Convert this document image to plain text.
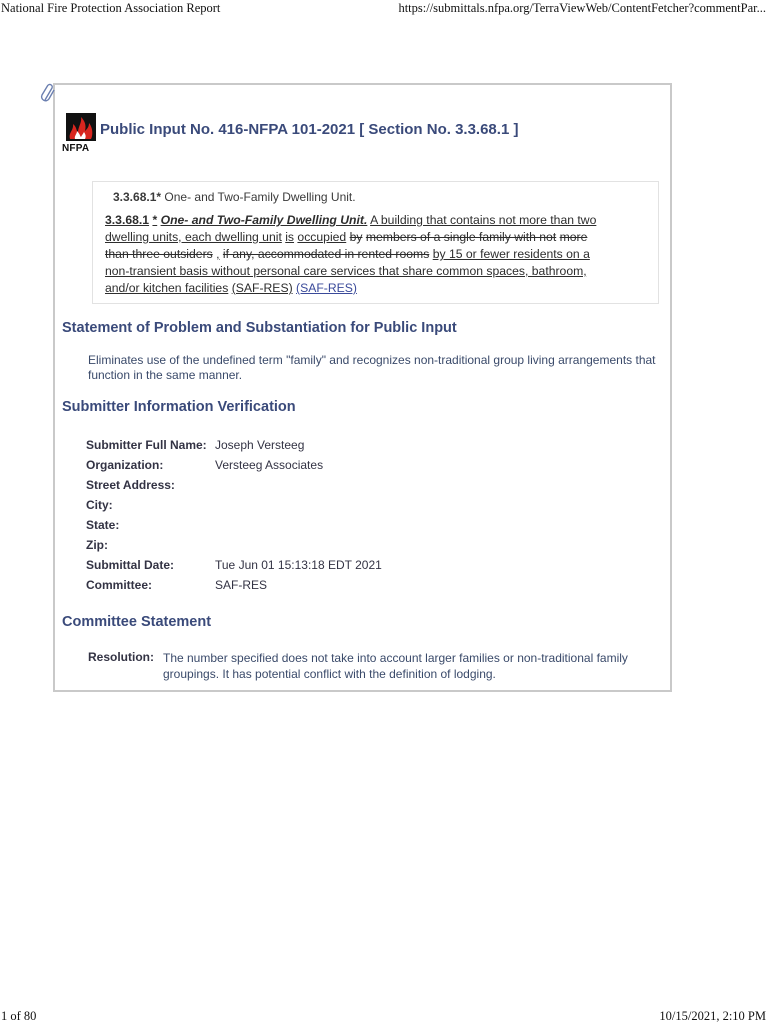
National Fire Protection Association Report	https://submittals.nfpa.org/TerraViewWeb/ContentFetcher?commentPar...
NFPA
Public Input No. 416-NFPA 101-2021 [ Section No. 3.3.68.1 ]
3.3.68.1* One- and Two-Family Dwelling Unit.
3.3.68.1 * One- and Two-Family Dwelling Unit. A building that contains not more than two
dwelling units, each dwelling unit is occupied by members of a single family with not more
than three outsiders , if any, accommodated in rented rooms by 15 or fewer residents on a
non-transient basis without personal care services that share common spaces, bathroom,
and/or kitchen facilities (SAF-RES) (SAF-RES)
Statement of Problem and Substantiation for Public Input
Eliminates use of the undefined term "family" and recognizes non-traditional group living arrangements that function in the same manner.
Submitter Information Verification
Submitter Full Name: Joseph Versteeg
Organization:	Versteeg Associates
Street Address:
City:
State:
Zip:
Submittal Date:	Tue Jun 01 15:13:18 EDT 2021
Committee:	SAF-RES
Committee Statement
Resolution: The number specified does not take into account larger families or non-traditional family groupings. It has potential conflict with the definition of lodging.
1 of 80	10/15/2021, 2:10 PM
